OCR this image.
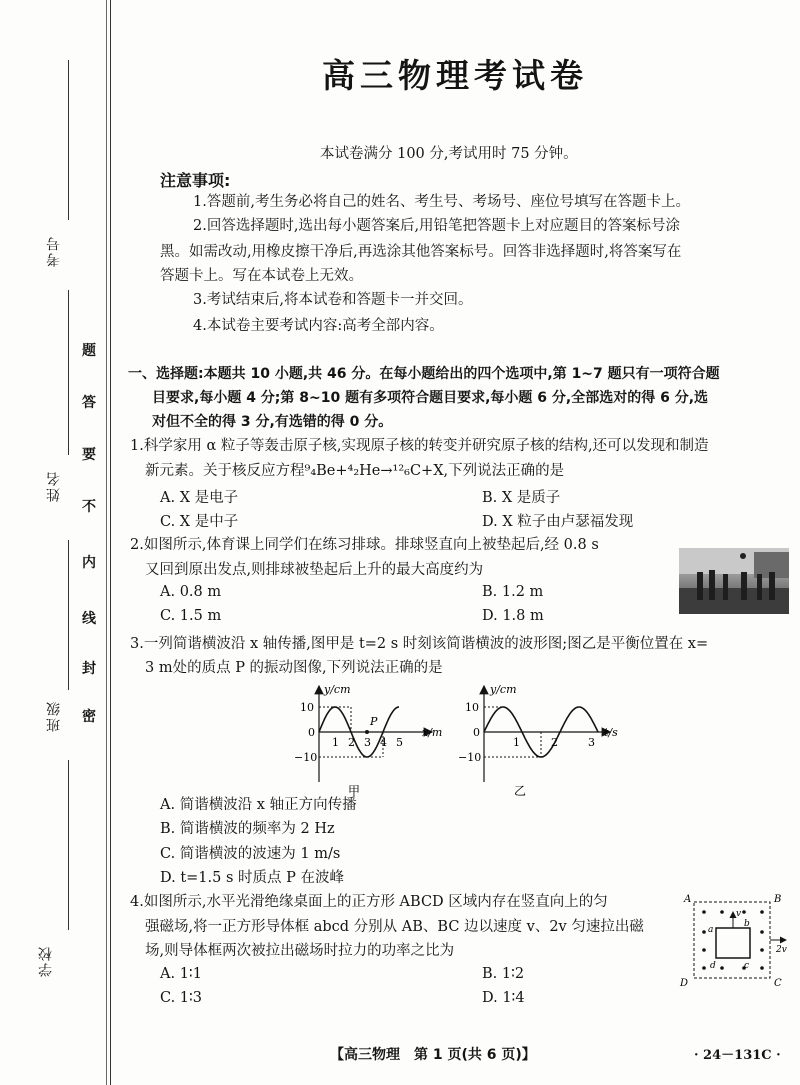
考号
姓名
班级
学校
题
答
要
不
内
线
封
密
高三物理考试卷
本试卷满分 100 分,考试用时 75 分钟。
注意事项:
1.答题前,考生务必将自己的姓名、考生号、考场号、座位号填写在答题卡上。
2.回答选择题时,选出每小题答案后,用铅笔把答题卡上对应题目的答案标号涂
黑。如需改动,用橡皮擦干净后,再选涂其他答案标号。回答非选择题时,将答案写在
答题卡上。写在本试卷上无效。
3.考试结束后,将本试卷和答题卡一并交回。
4.本试卷主要考试内容:高考全部内容。
一、选择题:本题共 10 小题,共 46 分。在每小题给出的四个选项中,第 1~7 题只有一项符合题
目要求,每小题 4 分;第 8~10 题有多项符合题目要求,每小题 6 分,全部选对的得 6 分,选
对但不全的得 3 分,有选错的得 0 分。
1.科学家用 α 粒子等轰击原子核,实现原子核的转变并研究原子核的结构,还可以发现和制造
新元素。关于核反应方程⁹₄Be+⁴₂He→¹²₆C+X,下列说法正确的是
A. X 是电子	B. X 是质子
C. X 是中子	D. X 粒子由卢瑟福发现
2.如图所示,体育课上同学们在练习排球。排球竖直向上被垫起后,经 0.8 s
又回到原出发点,则排球被垫起后上升的最大高度约为
A. 0.8 m	B. 1.2 m
C. 1.5 m	D. 1.8 m
3.一列简谐横波沿 x 轴传播,图甲是 t=2 s 时刻该简谐横波的波形图;图乙是平衡位置在 x=
3 m处的质点 P 的振动图像,下列说法正确的是
y/cm
x/m
10
0
−10
1 2 3 4 5
P
甲
y/cm
t/s
10
0
−10
1	2	3
乙
A. 简谐横波沿 x 轴正方向传播
B. 简谐横波的频率为 2 Hz
C. 简谐横波的波速为 1 m/s
D. t=1.5 s 时质点 P 在波峰
4.如图所示,水平光滑绝缘桌面上的正方形 ABCD 区域内存在竖直向上的匀
强磁场,将一正方形导体框 abcd 分别从 AB、BC 边以速度 v、2v 匀速拉出磁
场,则导体框两次被拉出磁场时拉力的功率之比为
A. 1∶1	B. 1∶2
C. 1∶3	D. 1∶4
A	B
C
D
a
b
c
d
v
2v
【高三物理　第 1 页(共 6 页)】	· 24－131C ·
